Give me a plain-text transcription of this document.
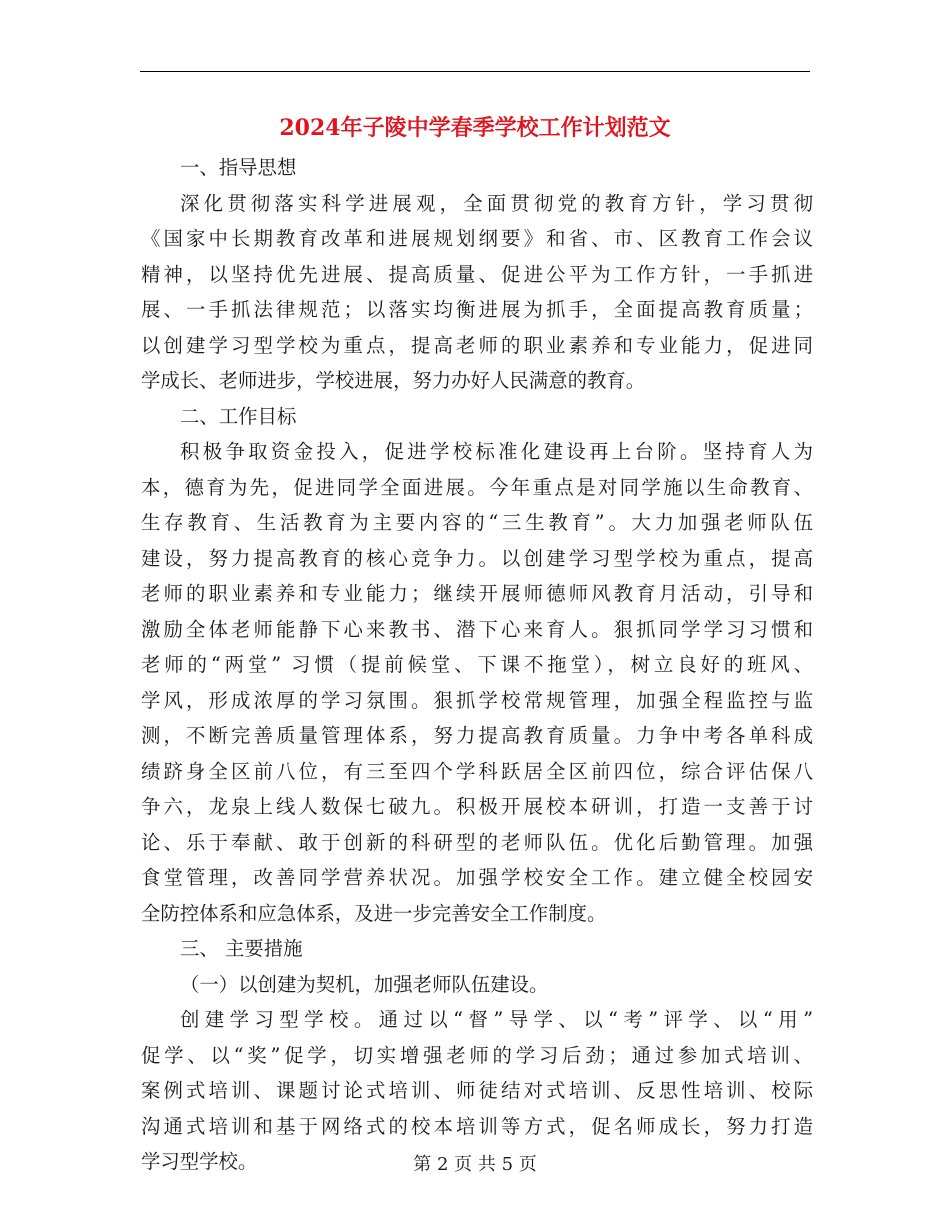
2024年子陵中学春季学校工作计划范文
一、指导思想
深化贯彻落实科学进展观，全面贯彻党的教育方针，学习贯彻
《国家中长期教育改革和进展规划纲要》和省、市、区教育工作会议
精神，以坚持优先进展、提高质量、促进公平为工作方针，一手抓进
展、一手抓法律规范；以落实均衡进展为抓手，全面提高教育质量；
以创建学习型学校为重点，提高老师的职业素养和专业能力，促进同
学成长、老师进步，学校进展，努力办好人民满意的教育。
二、工作目标
积极争取资金投入，促进学校标准化建设再上台阶。坚持育人为
本，德育为先，促进同学全面进展。今年重点是对同学施以生命教育、
生存教育、生活教育为主要内容的“三生教育”。大力加强老师队伍
建设，努力提高教育的核心竞争力。以创建学习型学校为重点，提高
老师的职业素养和专业能力；继续开展师德师风教育月活动，引导和
激励全体老师能静下心来教书、潜下心来育人。狠抓同学学习习惯和
老师的“两堂” 习惯（提前候堂、下课不拖堂），树立良好的班风、
学风，形成浓厚的学习氛围。狠抓学校常规管理，加强全程监控与监
测，不断完善质量管理体系，努力提高教育质量。力争中考各单科成
绩跻身全区前八位，有三至四个学科跃居全区前四位，综合评估保八
争六，龙泉上线人数保七破九。积极开展校本研训，打造一支善于讨
论、乐于奉献、敢于创新的科研型的老师队伍。优化后勤管理。加强
食堂管理，改善同学营养状况。加强学校安全工作。建立健全校园安
全防控体系和应急体系，及进一步完善安全工作制度。
三、 主要措施
（一）以创建为契机，加强老师队伍建设。
创建学习型学校。通过以“督”导学、以“考”评学、以“用”
促学、以“奖”促学，切实增强老师的学习后劲；通过参加式培训、
案例式培训、课题讨论式培训、师徒结对式培训、反思性培训、校际
沟通式培训和基于网络式的校本培训等方式，促名师成长，努力打造
学习型学校。	第 2 页 共 5 页
